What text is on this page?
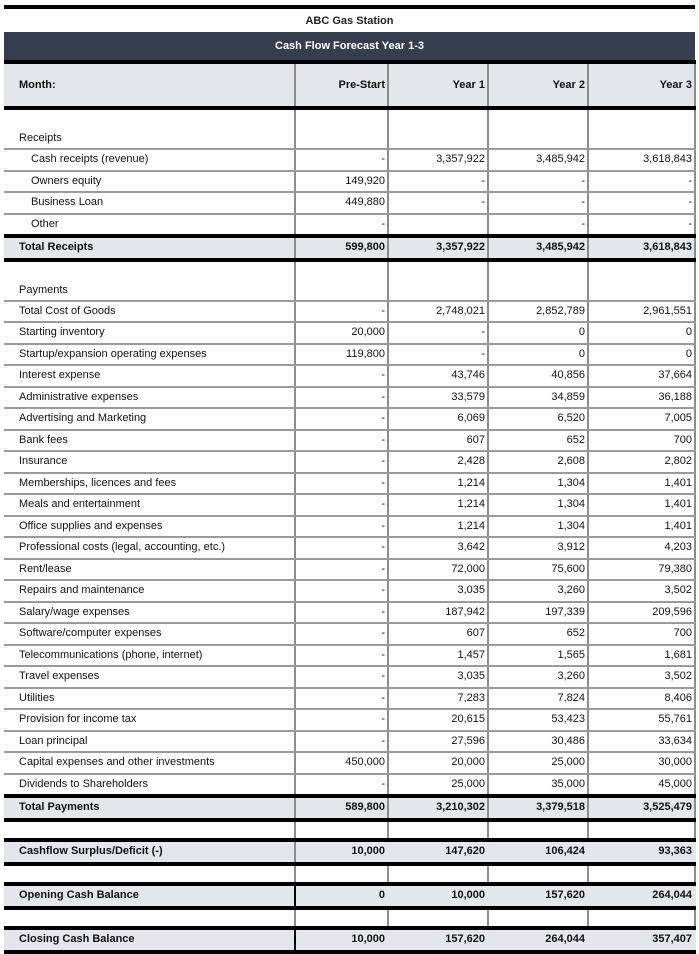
ABC Gas Station
Cash Flow Forecast Year 1-3
Month:	Pre-Start	Year 1	Year 2	Year 3
Receipts				
Cash receipts (revenue)	-	3,357,922	3,485,942	3,618,843
Owners equity	149,920	-	-	-
Business Loan	449,880	-	-	-
Other	-		-	-
Total Receipts	599,800	3,357,922	3,485,942	3,618,843
Payments				
Total Cost of Goods	-	2,748,021	2,852,789	2,961,551
Starting inventory	20,000	-	0	0
Startup/expansion operating expenses	119,800	-	0	0
Interest expense	-	43,746	40,856	37,664
Administrative expenses	-	33,579	34,859	36,188
Advertising and Marketing	-	6,069	6,520	7,005
Bank fees	-	607	652	700
Insurance	-	2,428	2,608	2,802
Memberships, licences and fees	-	1,214	1,304	1,401
Meals and entertainment	-	1,214	1,304	1,401
Office supplies and expenses	-	1,214	1,304	1,401
Professional costs (legal, accounting, etc.)	-	3,642	3,912	4,203
Rent/lease	-	72,000	75,600	79,380
Repairs and maintenance	-	3,035	3,260	3,502
Salary/wage expenses	-	187,942	197,339	209,596
Software/computer expenses	-	607	652	700
Telecommunications (phone, internet)	-	1,457	1,565	1,681
Travel expenses	-	3,035	3,260	3,502
Utilities	-	7,283	7,824	8,406
Provision for income tax	-	20,615	53,423	55,761
Loan principal	-	27,596	30,486	33,634
Capital expenses and other investments	450,000	20,000	25,000	30,000
Dividends to Shareholders	-	25,000	35,000	45,000
Total Payments	589,800	3,210,302	3,379,518	3,525,479

Cashflow Surplus/Deficit (-)	10,000	147,620	106,424	93,363

Opening Cash Balance	0	10,000	157,620	264,044

Closing Cash Balance	10,000	157,620	264,044	357,407
